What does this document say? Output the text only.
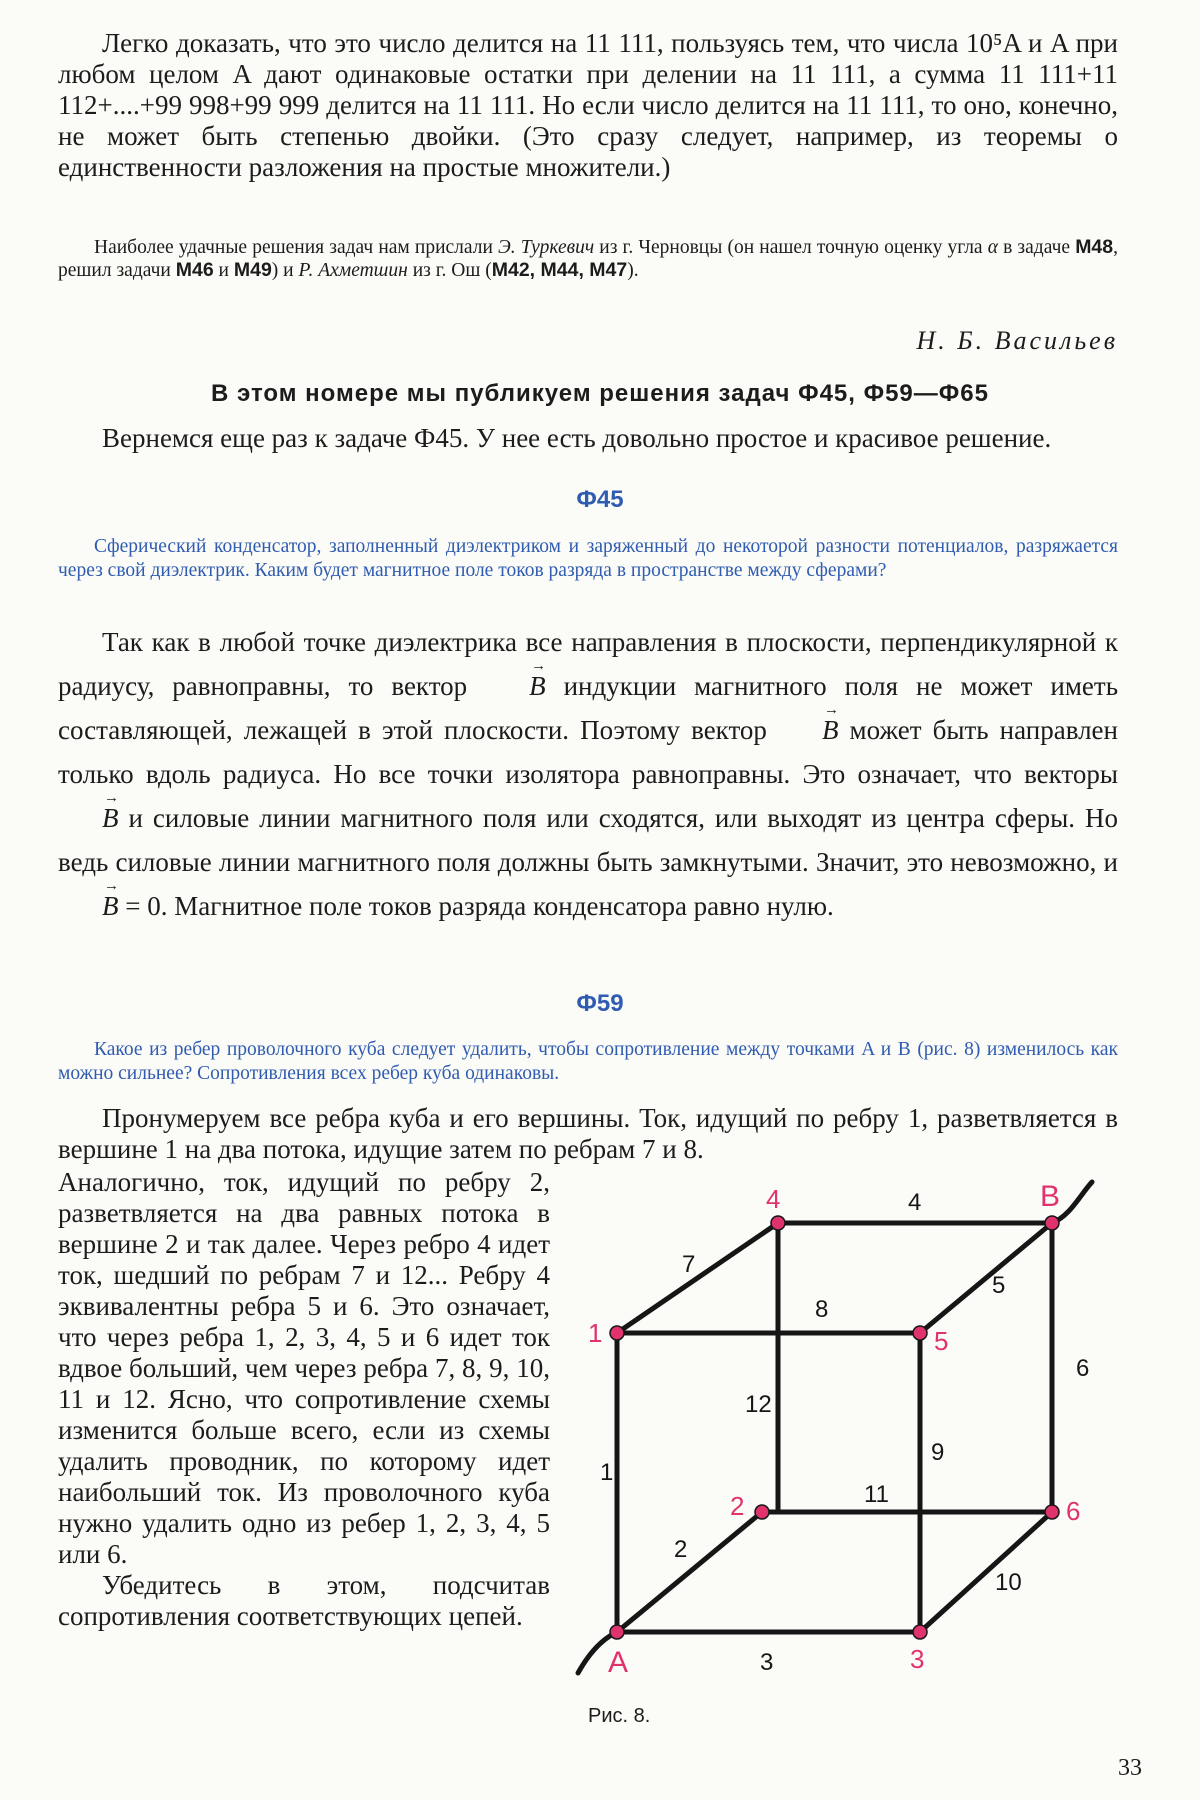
Легко доказать, что это число делится на 11 111, пользуясь тем, что числа 10⁵A и A при любом целом A дают одинаковые остатки при делении на 11 111, а сумма 11 111+11 112+....+99 998+99 999 делится на 11 111. Но если число делится на 11 111, то оно, конечно, не может быть степенью двойки. (Это сразу следует, например, из теоремы о единственности разложения на простые множители.)

Наиболее удачные решения задач нам прислали Э. Туркевич из г. Черновцы (он нашел точную оценку угла α в задаче М48, решил задачи М46 и М49) и Р. Ахметшин из г. Ош (М42, М44, М47).

Н. Б. Васильев
В этом номере мы публикуем решения задач Ф45, Ф59—Ф65

Вернемся еще раз к задаче Ф45. У нее есть довольно простое и красивое решение.

Ф45

Сферический конденсатор, заполненный диэлектриком и заряженный до некоторой разности потенциалов, разряжается через свой диэлектрик. Каким будет магнитное поле токов разряда в пространстве между сферами?

Так как в любой точке диэлектрика все направления в плоскости, перпендикулярной к радиусу, равноправны, то вектор → B индукции магнитного поля не может иметь составляющей, лежащей в этой плоскости. Поэтому вектор → B может быть направлен только вдоль радиуса. Но все точки изолятора равноправны. Это означает, что векторы → B и силовые линии магнитного поля или сходятся, или выходят из центра сферы. Но ведь силовые линии магнитного поля должны быть замкнутыми. Значит, это невозможно, и → B = 0. Магнитное поле токов разряда конденсатора равно нулю.

Ф59

Какое из ребер проволочного куба следует удалить, чтобы сопротивление между точками A и B (рис. 8) изменилось как можно сильнее? Сопротивления всех ребер куба одинаковы.

Пронумеруем все ребра куба и его вершины. Ток, идущий по ребру 1, разветвляется в вершине 1 на два потока, идущие затем по ребрам 7 и 8.

Аналогично, ток, идущий по ребру 2, разветвляется на два равных потока в вершине 2 и так далее. Через ребро 4 идет ток, шедший по ребрам 7 и 12... Ребру 4 эквивалентны ребра 5 и 6. Это означает, что через ребра 1, 2, 3, 4, 5 и 6 идет ток вдвое больший, чем через ребра 7, 8, 9, 10, 11 и 12. Ясно, что сопротивление схемы изменится больше всего, если из схемы удалить проводник, по которому идет наибольший ток. Из проволочного куба нужно удалить одно из ребер 1, 2, 3, 4, 5 или 6.

Убедитесь в этом, подсчитав сопротивления соответствующих цепей.

1
2
3
4
5
6
A
B
1
2
3
4
5
6
7
8
9
10
11
12
Рис. 8.
33
